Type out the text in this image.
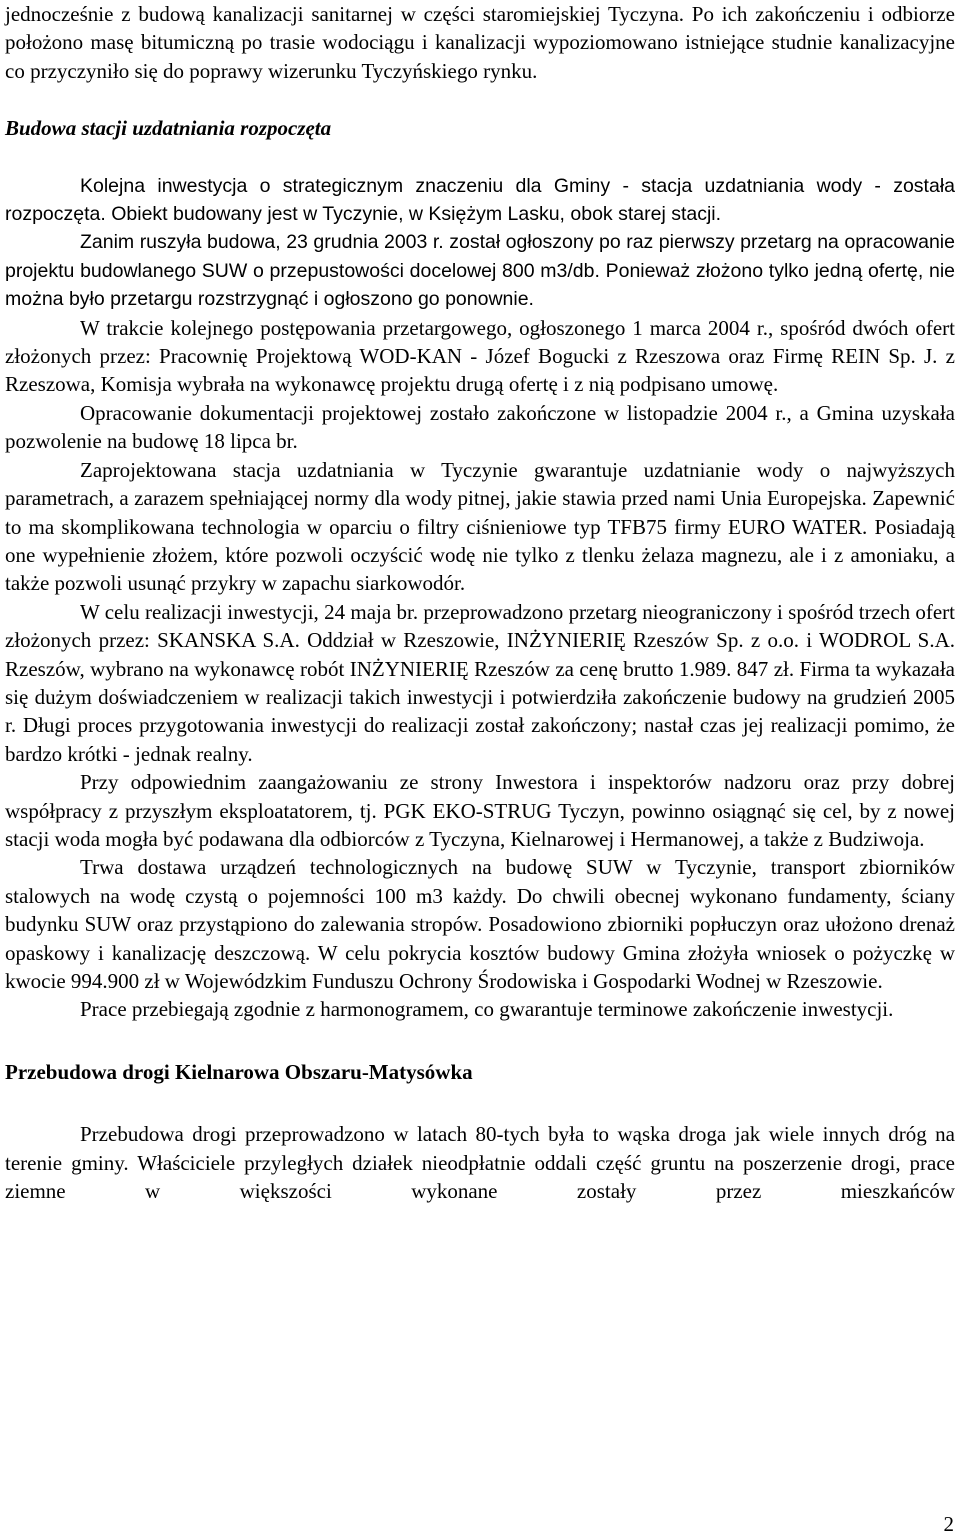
jednocześnie z budową kanalizacji sanitarnej w części staromiejskiej Tyczyna. Po ich zakończeniu i odbiorze położono masę bitumiczną po trasie wodociągu i kanalizacji wypoziomowano istniejące studnie kanalizacyjne co przyczyniło się do poprawy wizerunku Tyczyńskiego rynku.

Budowa stacji uzdatniania rozpoczęta

Kolejna inwestycja o strategicznym znaczeniu dla Gminy - stacja uzdatniania wody - została rozpoczęta. Obiekt budowany jest w Tyczynie, w Księżym Lasku, obok starej stacji.

Zanim ruszyła budowa, 23 grudnia 2003 r. został ogłoszony po raz pierwszy przetarg na opracowanie projektu budowlanego SUW o przepustowości docelowej 800 m3/db. Ponieważ złożono tylko jedną ofertę, nie można było przetargu rozstrzygnąć i ogłoszono go ponownie.

W trakcie kolejnego postępowania przetargowego, ogłoszonego 1 marca 2004 r., spośród dwóch ofert złożonych przez: Pracownię Projektową WOD-KAN - Józef Bogucki z Rzeszowa oraz Firmę REIN Sp. J. z Rzeszowa, Komisja wybrała na wykonawcę projektu drugą ofertę i z nią podpisano umowę.

Opracowanie dokumentacji projektowej zostało zakończone w listopadzie 2004 r., a Gmina uzyskała pozwolenie na budowę 18 lipca br.

Zaprojektowana stacja uzdatniania w Tyczynie gwarantuje uzdatnianie wody o najwyższych parametrach, a zarazem spełniającej normy dla wody pitnej, jakie stawia przed nami Unia Europejska. Zapewnić to ma skomplikowana technologia w oparciu o filtry ciśnieniowe typ TFB75 firmy EURO WATER. Posiadają one wypełnienie złożem, które pozwoli oczyścić wodę nie tylko z tlenku żelaza magnezu, ale i z amoniaku, a także pozwoli usunąć przykry w zapachu siarkowodór.

W celu realizacji inwestycji, 24 maja br. przeprowadzono przetarg nieograniczony i spośród trzech ofert złożonych przez: SKANSKA S.A. Oddział w Rzeszowie, INŻYNIERIĘ Rzeszów Sp. z o.o. i WODROL S.A. Rzeszów, wybrano na wykonawcę robót INŻYNIERIĘ Rzeszów za cenę brutto 1.989. 847 zł. Firma ta wykazała się dużym doświadczeniem w realizacji takich inwestycji i potwierdziła zakończenie budowy na grudzień 2005 r. Długi proces przygotowania inwestycji do realizacji został zakończony; nastał czas jej realizacji pomimo, że bardzo krótki - jednak realny.

Przy odpowiednim zaangażowaniu ze strony Inwestora i inspektorów nadzoru oraz przy dobrej współpracy z przyszłym eksploatatorem, tj. PGK EKO-STRUG Tyczyn, powinno osiągnąć się cel, by z nowej stacji woda mogła być podawana dla odbiorców z Tyczyna, Kielnarowej i Hermanowej, a także z Budziwoja.

Trwa dostawa urządzeń technologicznych na budowę SUW w Tyczynie, transport zbiorników stalowych na wodę czystą o pojemności 100 m3 każdy. Do chwili obecnej wykonano fundamenty, ściany budynku SUW oraz przystąpiono do zalewania stropów. Posadowiono zbiorniki popłuczyn oraz ułożono drenaż opaskowy i kanalizację deszczową. W celu pokrycia kosztów budowy Gmina złożyła wniosek o pożyczkę w kwocie 994.900 zł w Wojewódzkim Funduszu Ochrony Środowiska i Gospodarki Wodnej w Rzeszowie.

Prace przebiegają zgodnie z harmonogramem, co gwarantuje terminowe zakończenie inwestycji.

Przebudowa drogi Kielnarowa Obszaru-Matysówka

Przebudowa drogi przeprowadzono w latach 80-tych była to wąska droga jak wiele innych dróg na terenie gminy. Właściciele przyległych działek nieodpłatnie oddali część gruntu na poszerzenie drogi, prace ziemne w większości wykonane zostały przez mieszkańców

2
